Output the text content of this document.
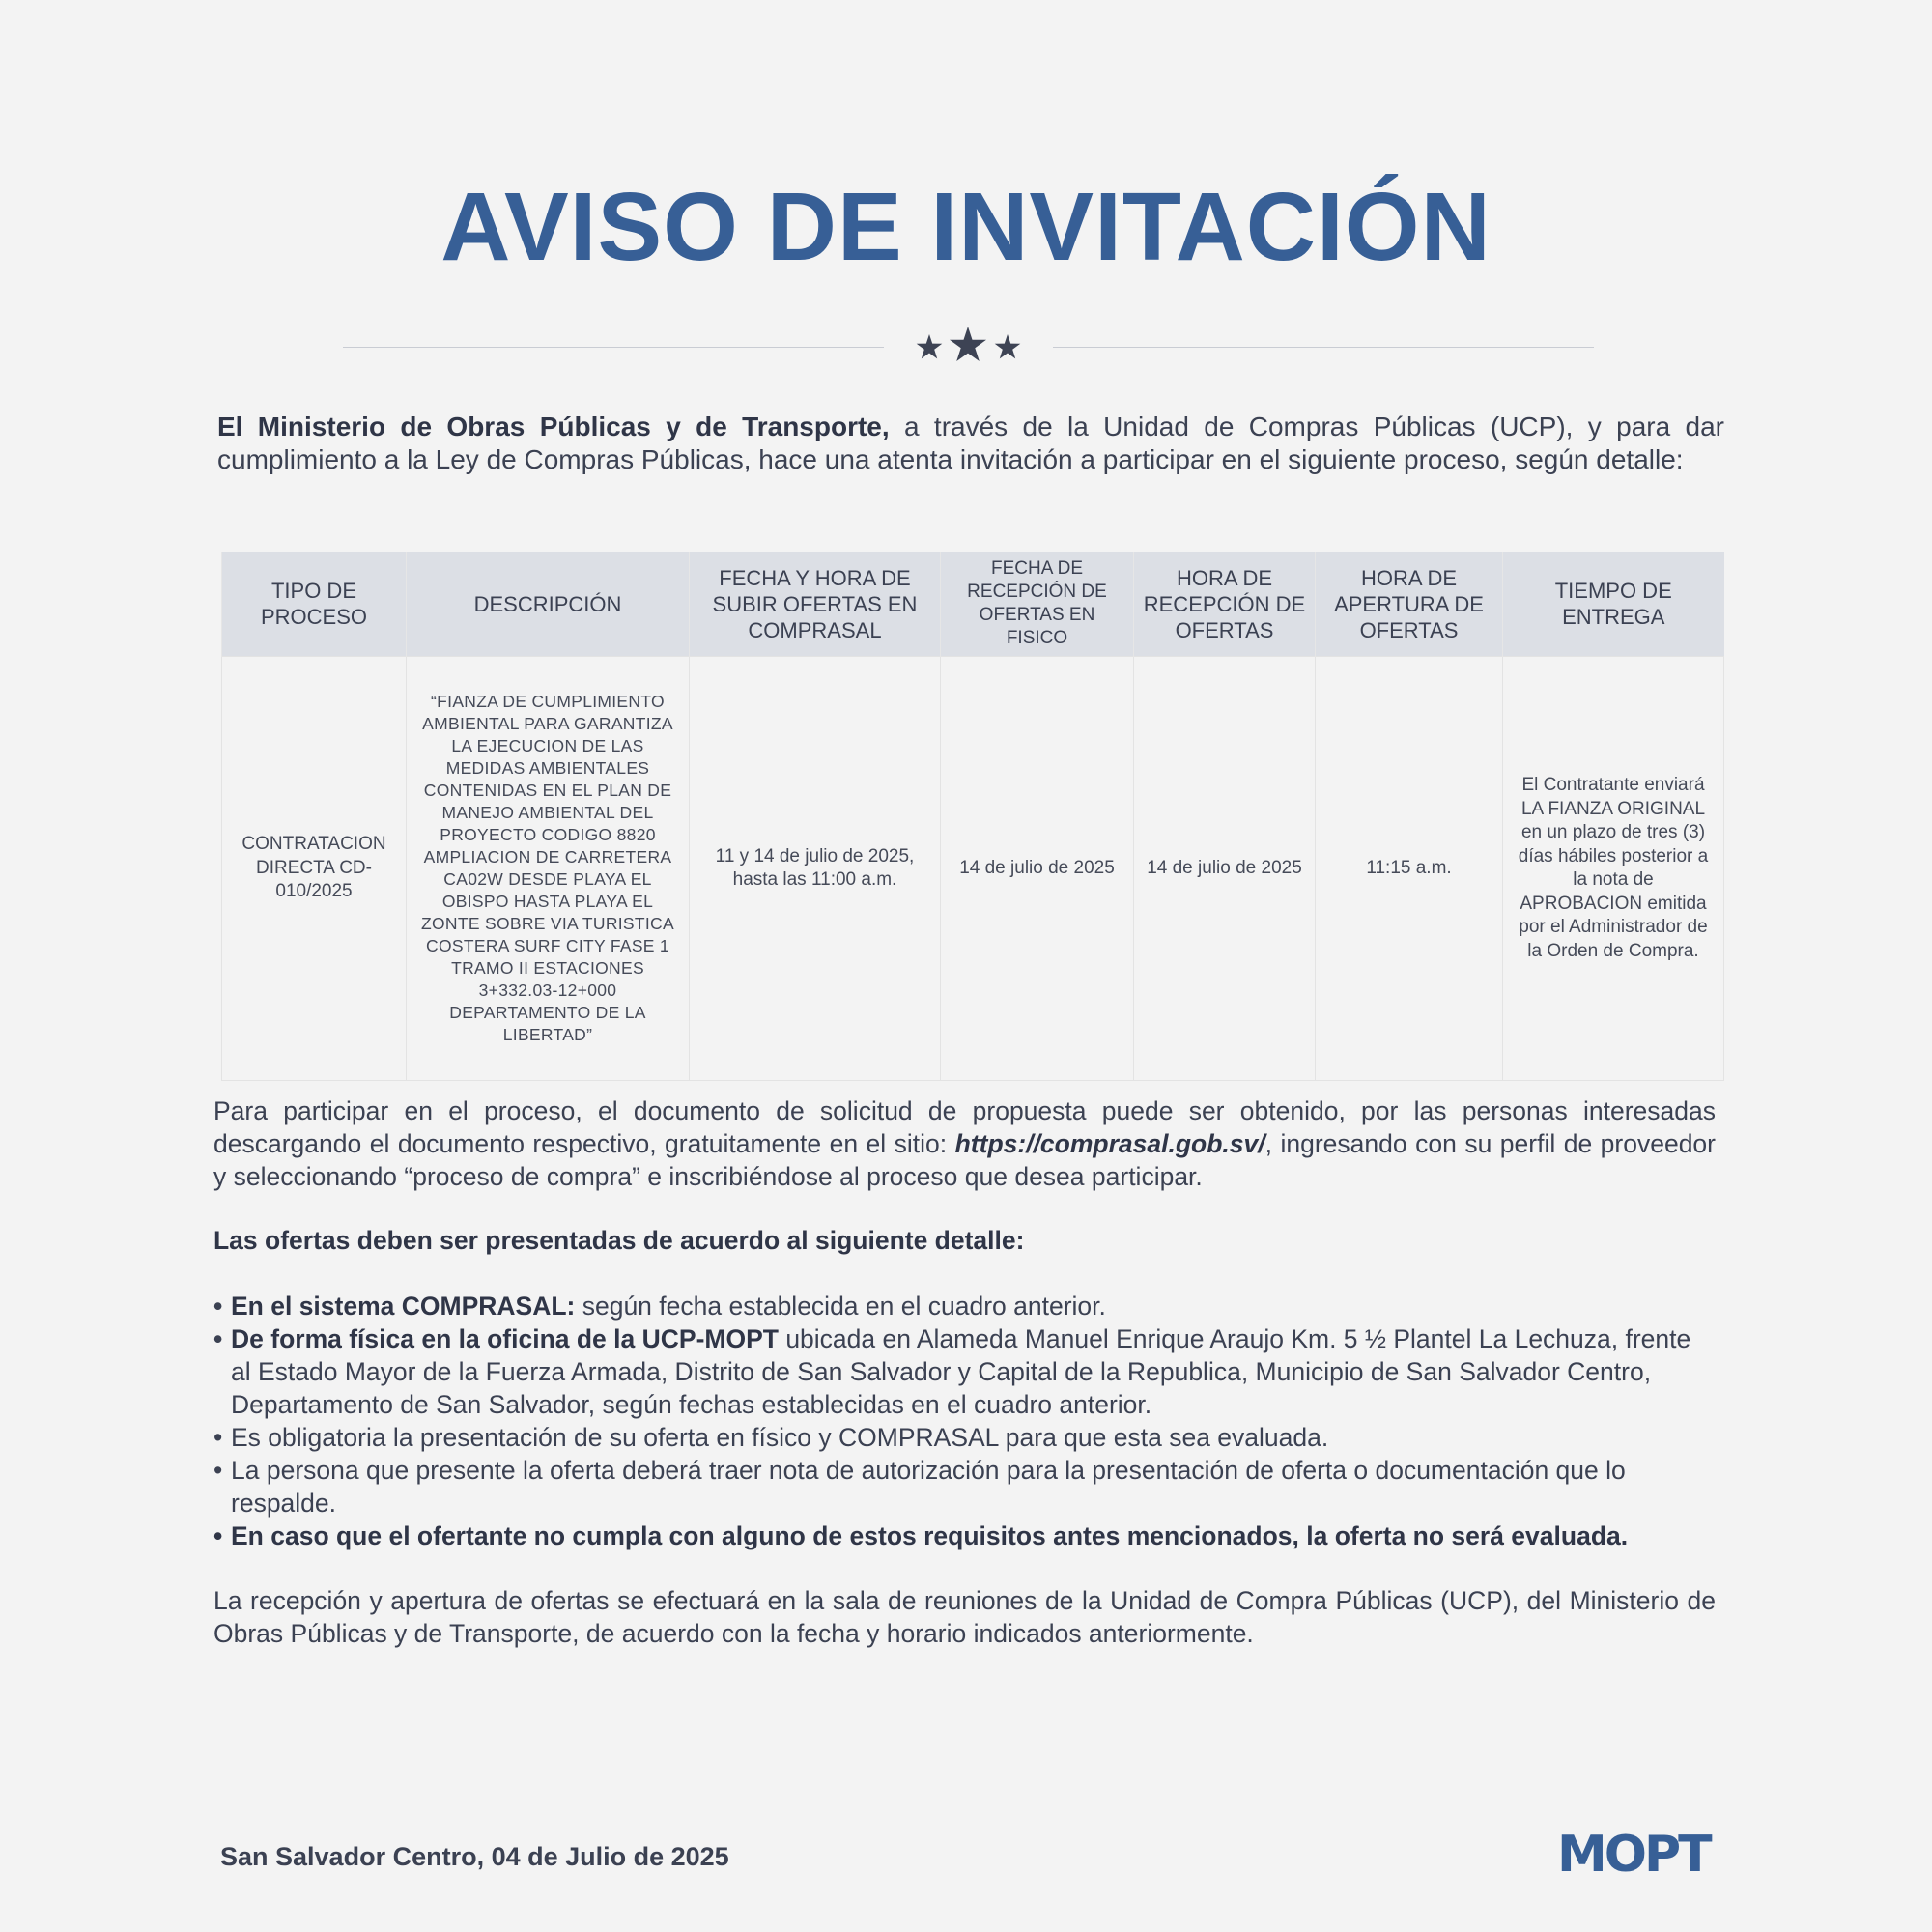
AVISO DE INVITACIÓN
El Ministerio de Obras Públicas y de Transporte, a través de la Unidad de Compras Públicas (UCP), y para dar cumplimiento a la Ley de Compras Públicas, hace una atenta invitación a participar en el siguiente proceso, según detalle:
TIPO DE PROCESO	DESCRIPCIÓN	FECHA Y HORA DE SUBIR OFERTAS EN COMPRASAL	FECHA DE RECEPCIÓN DE OFERTAS EN FISICO	HORA DE RECEPCIÓN DE OFERTAS	HORA DE APERTURA DE OFERTAS	TIEMPO DE ENTREGA
CONTRATACION DIRECTA CD-010/2025	“FIANZA DE CUMPLIMIENTO AMBIENTAL PARA GARANTIZA LA EJECUCION DE LAS MEDIDAS AMBIENTALES CONTENIDAS EN EL PLAN DE MANEJO AMBIENTAL DEL PROYECTO CODIGO 8820 AMPLIACION DE CARRETERA CA02W DESDE PLAYA EL OBISPO HASTA PLAYA EL ZONTE SOBRE VIA TURISTICA COSTERA SURF CITY FASE 1 TRAMO II ESTACIONES 3+332.03-12+000 DEPARTAMENTO DE LA LIBERTAD”	11 y 14 de julio de 2025, hasta las 11:00 a.m.	14 de julio de 2025	14 de julio de 2025	11:15 a.m.	El Contratante enviará LA FIANZA ORIGINAL en un plazo de tres (3) días hábiles posterior a la nota de APROBACION emitida por el Administrador de la Orden de Compra.
Para participar en el proceso, el documento de solicitud de propuesta puede ser obtenido, por las personas interesadas descargando el documento respectivo, gratuitamente en el sitio: https://comprasal.gob.sv/, ingresando con su perfil de proveedor y seleccionando “proceso de compra” e inscribiéndose al proceso que desea participar.
Las ofertas deben ser presentadas de acuerdo al siguiente detalle:
• En el sistema COMPRASAL: según fecha establecida en el cuadro anterior.
• De forma física en la oficina de la UCP-MOPT ubicada en Alameda Manuel Enrique Araujo Km. 5 ½ Plantel La Lechuza, frente al Estado Mayor de la Fuerza Armada, Distrito de San Salvador y Capital de la Republica, Municipio de San Salvador Centro, Departamento de San Salvador, según fechas establecidas en el cuadro anterior.
• Es obligatoria la presentación de su oferta en físico y COMPRASAL para que esta sea evaluada.
• La persona que presente la oferta deberá traer nota de autorización para la presentación de oferta o documentación que lo respalde.
• En caso que el ofertante no cumpla con alguno de estos requisitos antes mencionados, la oferta no será evaluada.
La recepción y apertura de ofertas se efectuará en la sala de reuniones de la Unidad de Compra Públicas (UCP), del Ministerio de Obras Públicas y de Transporte, de acuerdo con la fecha y horario indicados anteriormente.
San Salvador Centro, 04 de Julio de 2025	MOPT
